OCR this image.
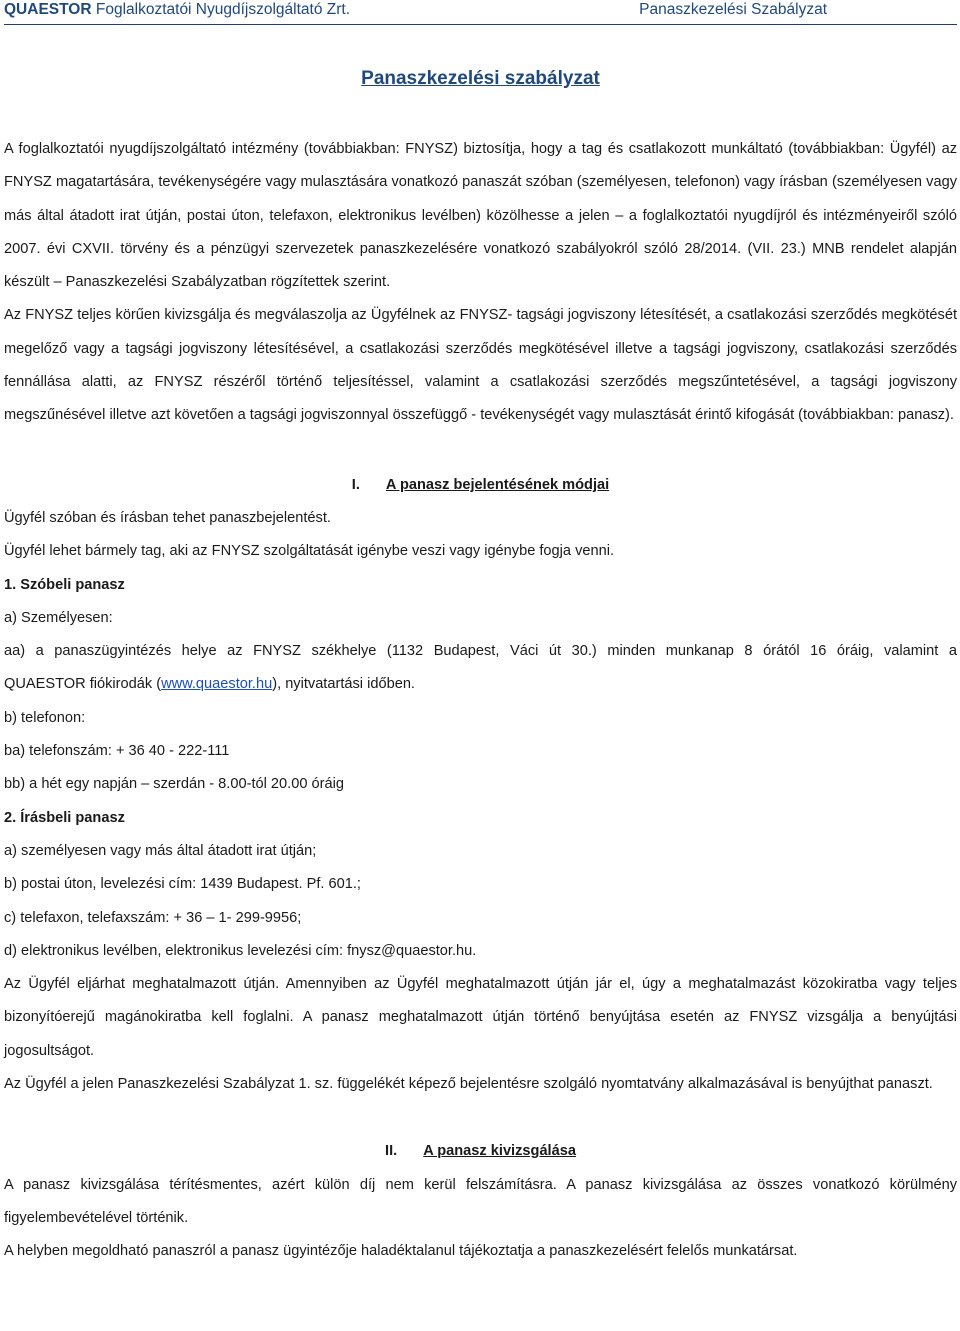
QUAESTOR Foglalkoztatói Nyugdíjszolgáltató Zrt.	Panaszkezelési Szabályzat
Panaszkezelési szabályzat

A foglalkoztatói nyugdíjszolgáltató intézmény (továbbiakban: FNYSZ) biztosítja, hogy a tag és csatlakozott munkáltató (továbbiakban: Ügyfél) az FNYSZ magatartására, tevékenységére vagy mulasztására vonatkozó panaszát szóban (személyesen, telefonon) vagy írásban (személyesen vagy más által átadott irat útján, postai úton, telefaxon, elektronikus levélben) közölhesse a jelen – a foglalkoztatói nyugdíjról és intézményeiről szóló 2007. évi CXVII. törvény és a pénzügyi szervezetek panaszkezelésére vonatkozó szabályokról szóló 28/2014. (VII. 23.) MNB rendelet alapján készült – Panaszkezelési Szabályzatban rögzítettek szerint.

Az FNYSZ teljes körűen kivizsgálja és megválaszolja az Ügyfélnek az FNYSZ- tagsági jogviszony létesítését, a csatlakozási szerződés megkötését megelőző vagy a tagsági jogviszony létesítésével, a csatlakozási szerződés megkötésével illetve a tagsági jogviszony, csatlakozási szerződés fennállása alatti, az FNYSZ részéről történő teljesítéssel, valamint a csatlakozási szerződés megszűntetésével, a tagsági jogviszony megszűnésével illetve azt követően a tagsági jogviszonnyal összefüggő - tevékenységét vagy mulasztását érintő kifogását (továbbiakban: panasz).

I. A panasz bejelentésének módjai

Ügyfél szóban és írásban tehet panaszbejelentést.

Ügyfél lehet bármely tag, aki az FNYSZ szolgáltatását igénybe veszi vagy igénybe fogja venni.

1. Szóbeli panasz

a) Személyesen:

aa) a panaszügyintézés helye az FNYSZ székhelye (1132 Budapest, Váci út 30.) minden munkanap 8 órától 16 óráig, valamint a

QUAESTOR fiókirodák (www.quaestor.hu), nyitvatartási időben.

b) telefonon:

ba) telefonszám: + 36 40 - 222-111

bb) a hét egy napján – szerdán - 8.00-tól 20.00 óráig

2. Írásbeli panasz

a) személyesen vagy más által átadott irat útján;

b) postai úton, levelezési cím: 1439 Budapest. Pf. 601.;

c) telefaxon, telefaxszám: + 36 – 1- 299-9956;

d) elektronikus levélben, elektronikus levelezési cím: fnysz@quaestor.hu.

Az Ügyfél eljárhat meghatalmazott útján. Amennyiben az Ügyfél meghatalmazott útján jár el, úgy a meghatalmazást közokiratba vagy teljes bizonyítóerejű magánokiratba kell foglalni. A panasz meghatalmazott útján történő benyújtása esetén az FNYSZ vizsgálja a benyújtási jogosultságot.

Az Ügyfél a jelen Panaszkezelési Szabályzat 1. sz. függelékét képező bejelentésre szolgáló nyomtatvány alkalmazásával is benyújthat panaszt.

II. A panasz kivizsgálása

A panasz kivizsgálása térítésmentes, azért külön díj nem kerül felszámításra. A panasz kivizsgálása az összes vonatkozó körülmény figyelembevételével történik.

A helyben megoldható panaszról a panasz ügyintézője haladéktalanul tájékoztatja a panaszkezelésért felelős munkatársat.
